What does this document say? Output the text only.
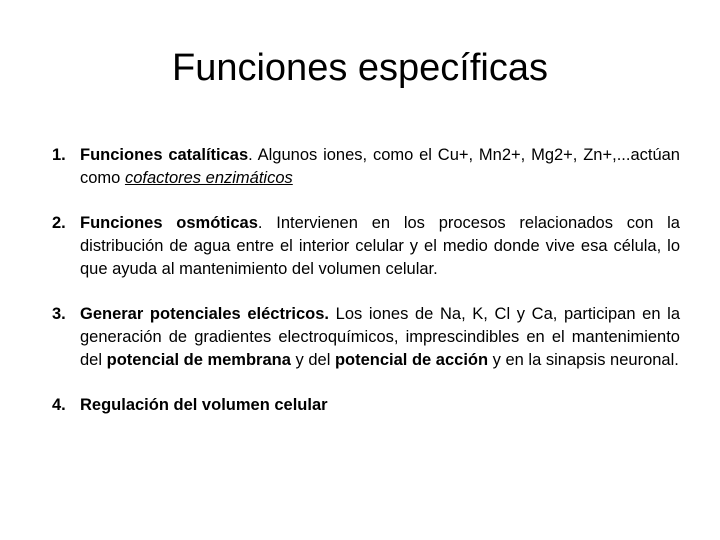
Funciones específicas
1. Funciones catalíticas. Algunos iones, como el Cu+, Mn2+, Mg2+, Zn+,...actúan como cofactores enzimáticos
2. Funciones osmóticas. Intervienen en los procesos relacionados con la distribución de agua entre el interior celular y el medio donde vive esa célula, lo que ayuda al mantenimiento del volumen celular.
3. Generar potenciales eléctricos. Los iones de Na, K, Cl y Ca, participan en la generación de gradientes electroquímicos, imprescindibles en el mantenimiento del potencial de membrana y del potencial de acción y en la sinapsis neuronal.
4. Regulación del volumen celular
